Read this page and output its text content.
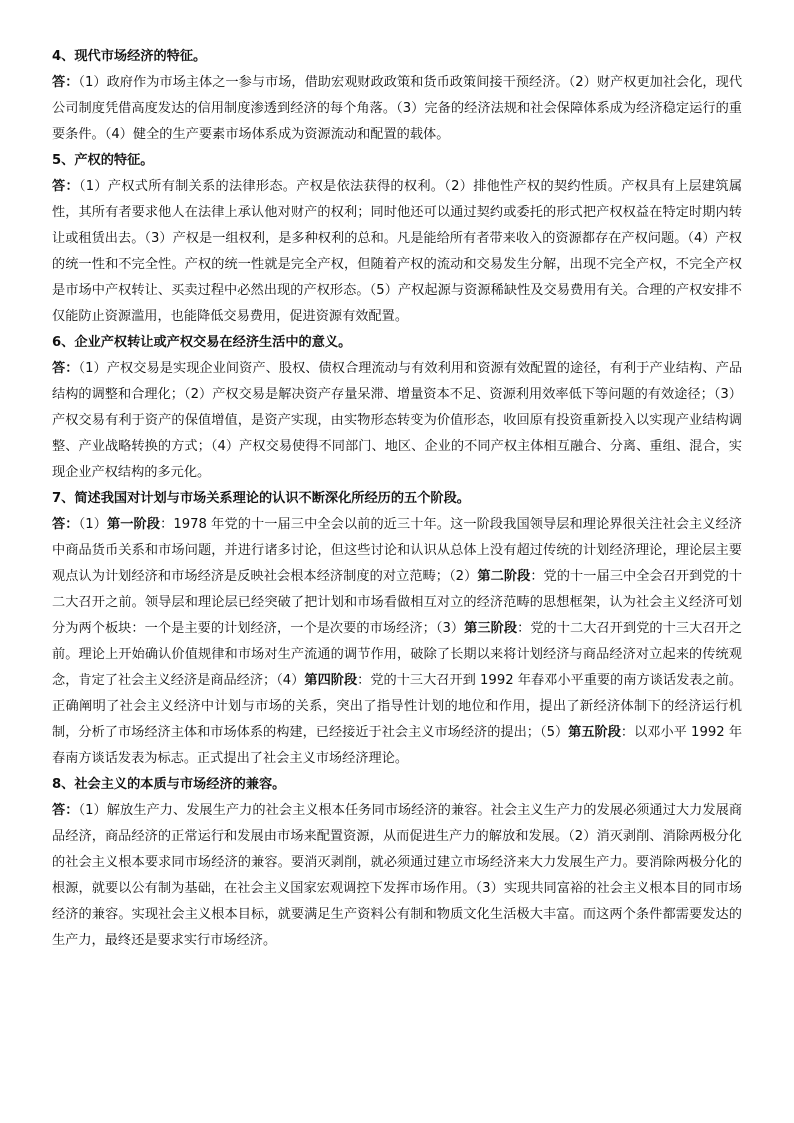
4、现代市场经济的特征。

答：（1）政府作为市场主体之一参与市场，借助宏观财政政策和货币政策间接干预经济。（2）财产权更加社会化，现代公司制度凭借高度发达的信用制度渗透到经济的每个角落。（3）完备的经济法规和社会保障体系成为经济稳定运行的重要条件。（4）健全的生产要素市场体系成为资源流动和配置的载体。

5、产权的特征。

答：（1）产权式所有制关系的法律形态。产权是依法获得的权利。（2）排他性产权的契约性质。产权具有上层建筑属性，其所有者要求他人在法律上承认他对财产的权利；同时他还可以通过契约或委托的形式把产权权益在特定时期内转让或租赁出去。（3）产权是一组权利，是多种权利的总和。凡是能给所有者带来收入的资源都存在产权问题。（4）产权的统一性和不完全性。产权的统一性就是完全产权，但随着产权的流动和交易发生分解，出现不完全产权，不完全产权是市场中产权转让、买卖过程中必然出现的产权形态。（5）产权起源与资源稀缺性及交易费用有关。合理的产权安排不仅能防止资源滥用，也能降低交易费用，促进资源有效配置。

6、企业产权转让或产权交易在经济生活中的意义。

答：（1）产权交易是实现企业间资产、股权、债权合理流动与有效利用和资源有效配置的途径，有利于产业结构、产品结构的调整和合理化；（2）产权交易是解决资产存量呆滞、增量资本不足、资源利用效率低下等问题的有效途径；（3）产权交易有利于资产的保值增值，是资产实现，由实物形态转变为价值形态，收回原有投资重新投入以实现产业结构调整、产业战略转换的方式；（4）产权交易使得不同部门、地区、企业的不同产权主体相互融合、分离、重组、混合，实现企业产权结构的多元化。

7、简述我国对计划与市场关系理论的认识不断深化所经历的五个阶段。

答：（1）第一阶段：1978 年党的十一届三中全会以前的近三十年。这一阶段我国领导层和理论界很关注社会主义经济中商品货币关系和市场问题，并进行诸多讨论，但这些讨论和认识从总体上没有超过传统的计划经济理论，理论层主要观点认为计划经济和市场经济是反映社会根本经济制度的对立范畴；（2）第二阶段：党的十一届三中全会召开到党的十二大召开之前。领导层和理论层已经突破了把计划和市场看做相互对立的经济范畴的思想框架，认为社会主义经济可划分为两个板块：一个是主要的计划经济，一个是次要的市场经济；（3）第三阶段：党的十二大召开到党的十三大召开之前。理论上开始确认价值规律和市场对生产流通的调节作用，破除了长期以来将计划经济与商品经济对立起来的传统观念，肯定了社会主义经济是商品经济；（4）第四阶段：党的十三大召开到 1992 年春邓小平重要的南方谈话发表之前。正确阐明了社会主义经济中计划与市场的关系，突出了指导性计划的地位和作用，提出了新经济体制下的经济运行机制，分析了市场经济主体和市场体系的构建，已经接近于社会主义市场经济的提出；（5）第五阶段：以邓小平 1992 年春南方谈话发表为标志。正式提出了社会主义市场经济理论。

8、社会主义的本质与市场经济的兼容。

答：（1）解放生产力、发展生产力的社会主义根本任务同市场经济的兼容。社会主义生产力的发展必须通过大力发展商品经济，商品经济的正常运行和发展由市场来配置资源，从而促进生产力的解放和发展。（2）消灭剥削、消除两极分化的社会主义根本要求同市场经济的兼容。要消灭剥削，就必须通过建立市场经济来大力发展生产力。要消除两极分化的根源，就要以公有制为基础，在社会主义国家宏观调控下发挥市场作用。（3）实现共同富裕的社会主义根本目的同市场经济的兼容。实现社会主义根本目标，就要满足生产资料公有制和物质文化生活极大丰富。而这两个条件都需要发达的生产力，最终还是要求实行市场经济。
